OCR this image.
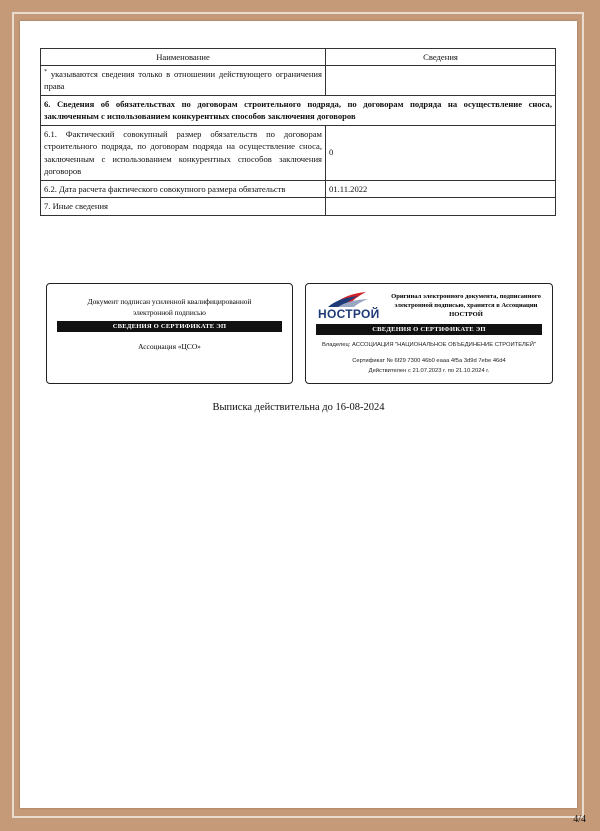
Наименование	Сведения
* указываются сведения только в отношении действующего ограничения права	
6. Сведения об обязательствах по договорам строительного подряда, по договорам подряда на осуществление сноса, заключенным с использованием конкурентных способов заключения договоров	
6.1. Фактический совокупный размер обязательств по договорам строительного подряда, по договорам подряда на осуществление сноса, заключенным с использованием конкурентных способов заключения договоров	0
6.2. Дата расчета фактического совокупного размера обязательств	01.11.2022
7. Иные сведения	
Документ подписан усиленной квалифицированной электронной подписью
СВЕДЕНИЯ О СЕРТИФИКАТЕ ЭП
Ассоциация «ЦСО»
НОСТРОЙ
Оригинал электронного документа, подписанного электронной подписью, хранится в Ассоциации НОСТРОЙ
СВЕДЕНИЯ О СЕРТИФИКАТЕ ЭП
Владелец: АССОЦИАЦИЯ "НАЦИОНАЛЬНОЕ ОБЪЕДИНЕНИЕ СТРОИТЕЛЕЙ"
Сертификат № 6f29 7300 46b0 eaaa 4f5a 3d9d 7ebe 46d4
Действителен с 21.07.2023 г. по 21.10.2024 г.
Выписка действительна до 16-08-2024
4/4
